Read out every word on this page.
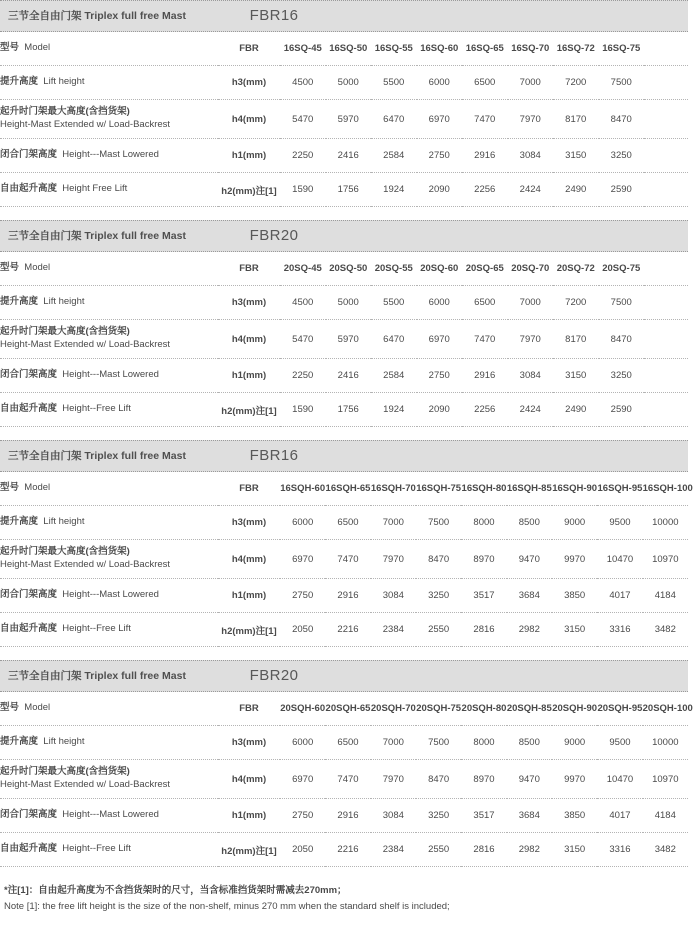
三节全自由门架 Triplex full free Mast	FBR16
型号 Model	FBR	16SQ-45	16SQ-50	16SQ-55	16SQ-60	16SQ-65	16SQ-70	16SQ-72	16SQ-75	
提升高度 Lift height	h3(mm)	4500	5000	5500	6000	6500	7000	7200	7500	

起升时门架最大高度(含挡货架)
Height-Mast Extended w/ Load-Backrest	h4(mm)	5470	5970	6470	6970	7470	7970	8170	8470	
闭合门架高度 Height---Mast Lowered	h1(mm)	2250	2416	2584	2750	2916	3084	3150	3250	
自由起升高度 Height Free Lift	h2(mm)注[1]	1590	1756	1924	2090	2256	2424	2490	2590	
三节全自由门架 Triplex full free Mast	FBR20
型号 Model	FBR	20SQ-45	20SQ-50	20SQ-55	20SQ-60	20SQ-65	20SQ-70	20SQ-72	20SQ-75	
提升高度 Lift height	h3(mm)	4500	5000	5500	6000	6500	7000	7200	7500	

起升时门架最大高度(含挡货架)
Height-Mast Extended w/ Load-Backrest	h4(mm)	5470	5970	6470	6970	7470	7970	8170	8470	
闭合门架高度 Height---Mast Lowered	h1(mm)	2250	2416	2584	2750	2916	3084	3150	3250	
自由起升高度 Height--Free Lift	h2(mm)注[1]	1590	1756	1924	2090	2256	2424	2490	2590	
三节全自由门架 Triplex full free Mast	FBR16
型号 Model	FBR	16SQH-60	16SQH-65	16SQH-70	16SQH-75	16SQH-80	16SQH-85	16SQH-90	16SQH-95	16SQH-100
提升高度 Lift height	h3(mm)	6000	6500	7000	7500	8000	8500	9000	9500	10000

起升时门架最大高度(含挡货架)
Height-Mast Extended w/ Load-Backrest	h4(mm)	6970	7470	7970	8470	8970	9470	9970	10470	10970
闭合门架高度 Height---Mast Lowered	h1(mm)	2750	2916	3084	3250	3517	3684	3850	4017	4184
自由起升高度 Height--Free Lift	h2(mm)注[1]	2050	2216	2384	2550	2816	2982	3150	3316	3482
三节全自由门架 Triplex full free Mast	FBR20
型号 Model	FBR	20SQH-60	20SQH-65	20SQH-70	20SQH-75	20SQH-80	20SQH-85	20SQH-90	20SQH-95	20SQH-100
提升高度 Lift height	h3(mm)	6000	6500	7000	7500	8000	8500	9000	9500	10000

起升时门架最大高度(含挡货架)
Height-Mast Extended w/ Load-Backrest	h4(mm)	6970	7470	7970	8470	8970	9470	9970	10470	10970
闭合门架高度 Height---Mast Lowered	h1(mm)	2750	2916	3084	3250	3517	3684	3850	4017	4184
自由起升高度 Height--Free Lift	h2(mm)注[1]	2050	2216	2384	2550	2816	2982	3150	3316	3482
*注[1]：自由起升高度为不含挡货架时的尺寸，当含标准挡货架时需减去270mm；
Note [1]: the free lift height is the size of the non-shelf, minus 270 mm when the standard shelf is included;
